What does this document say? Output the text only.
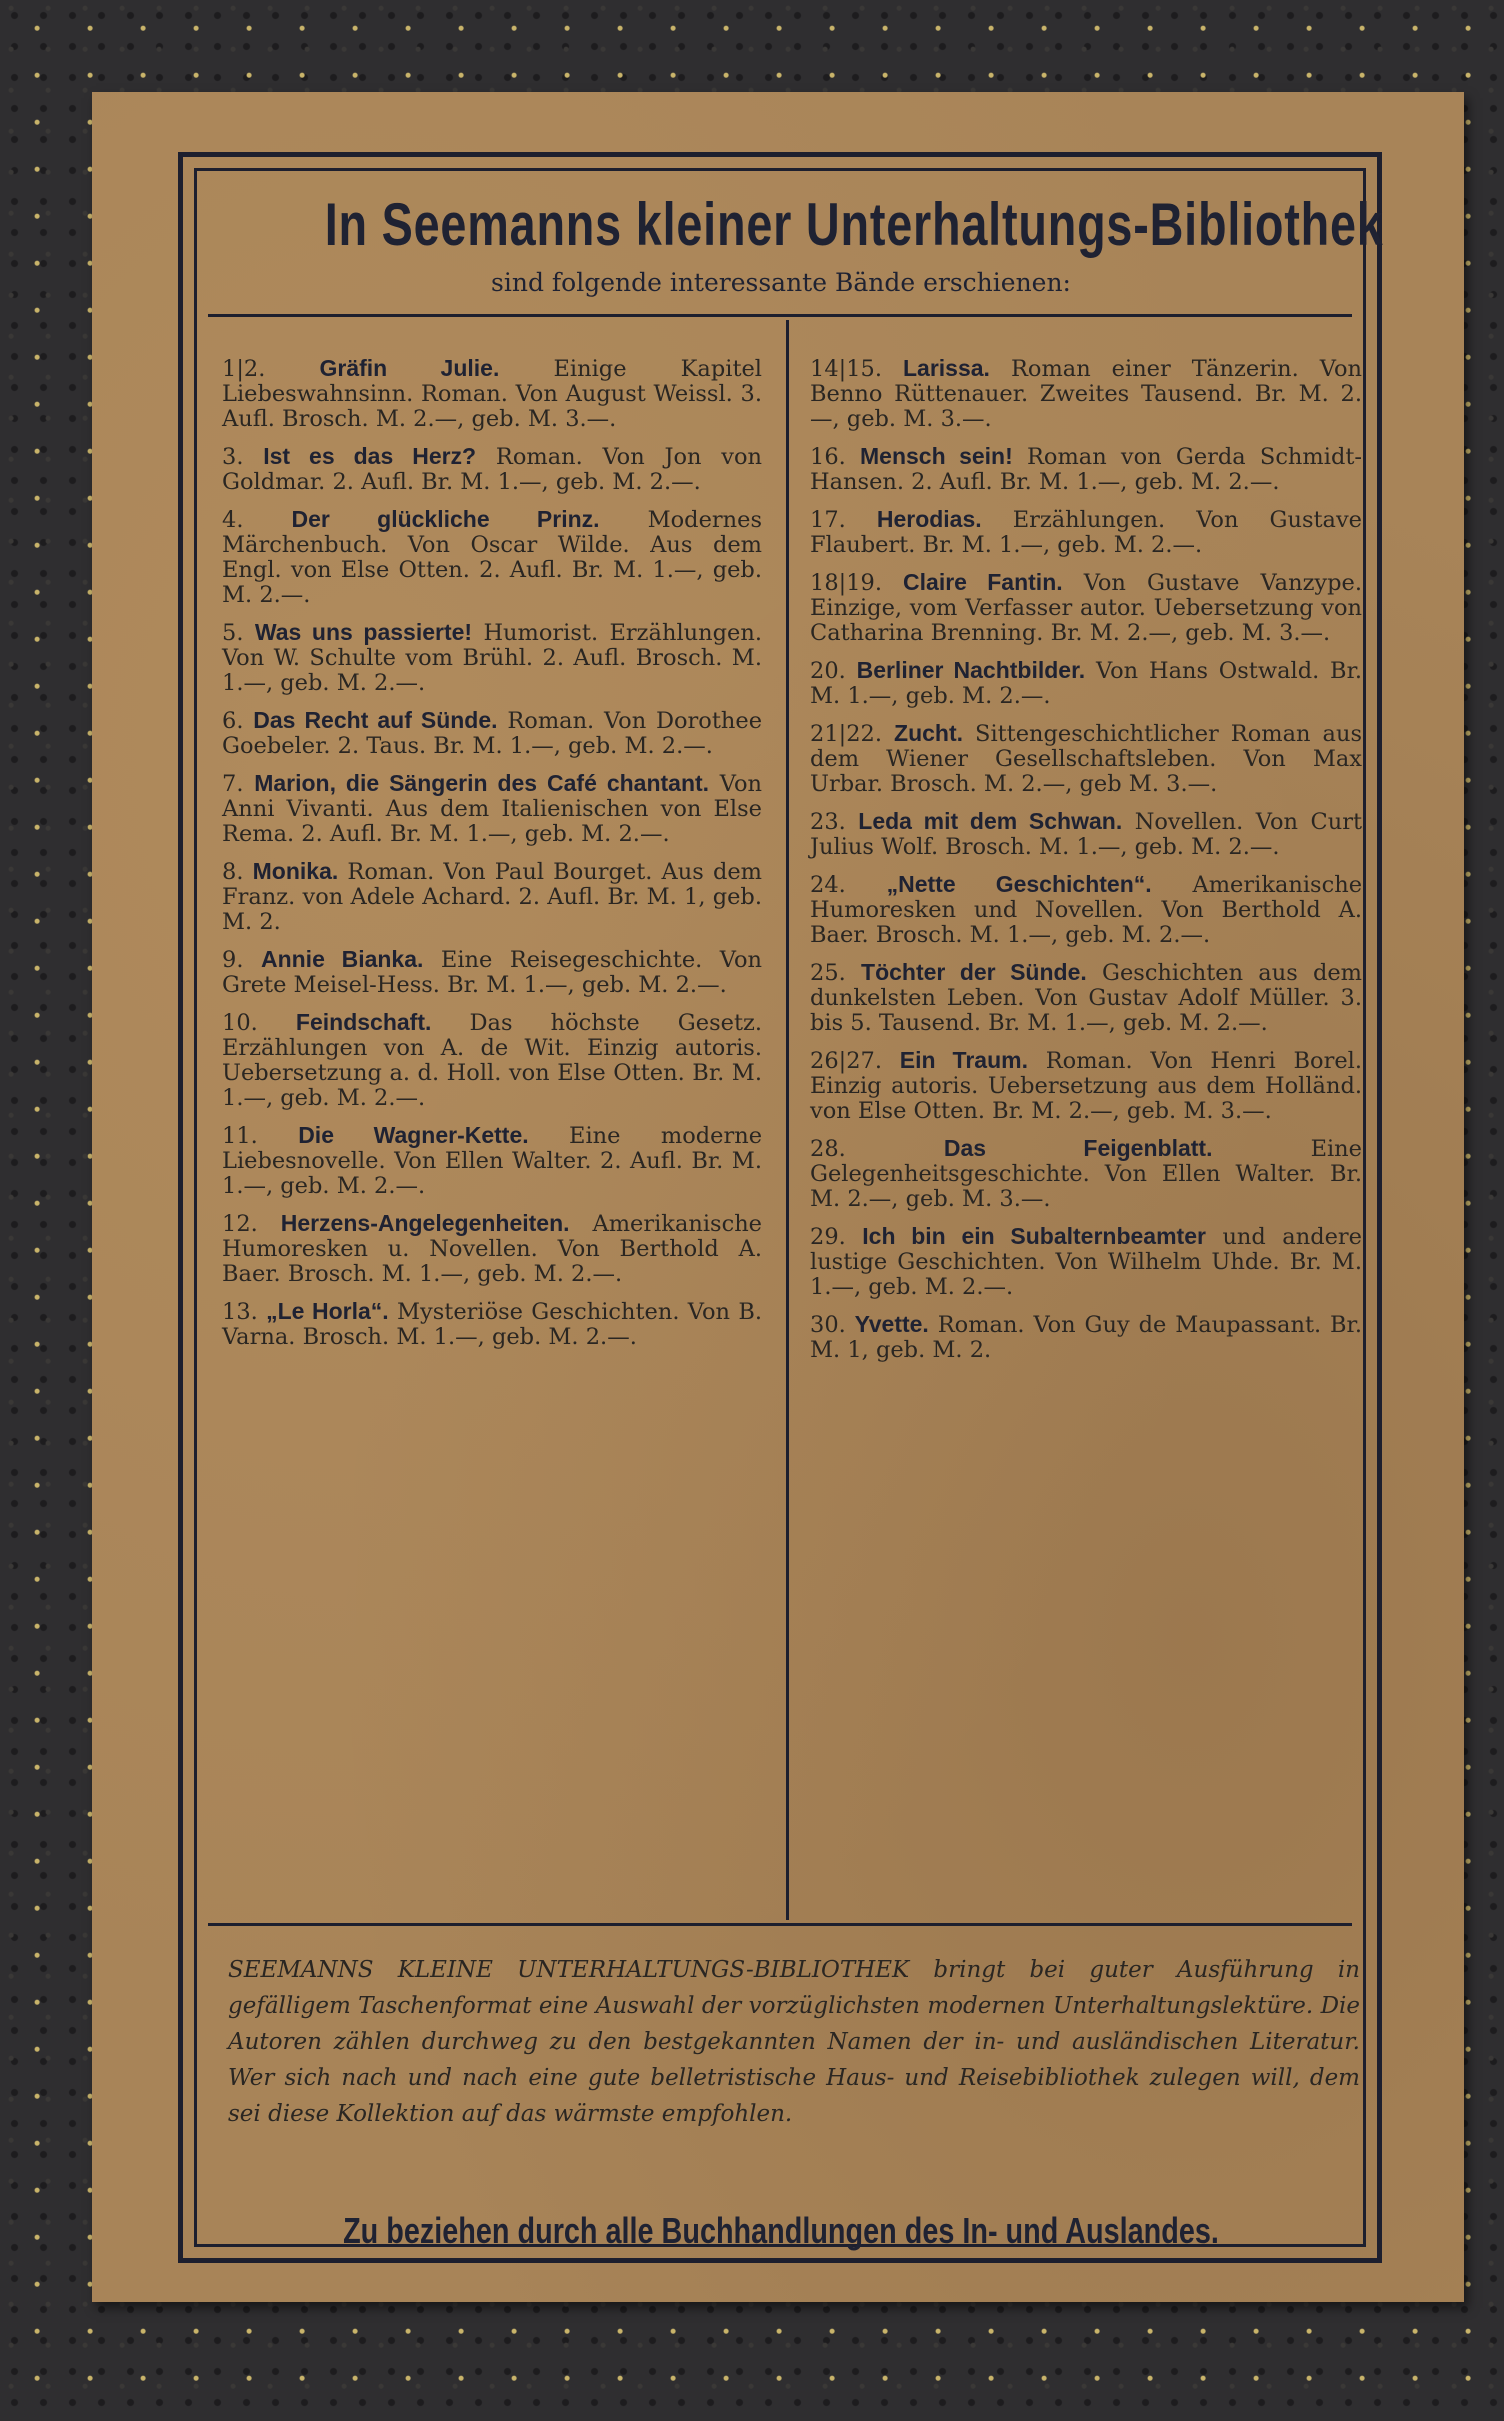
In Seemanns kleiner Unterhaltungs-Bibliothek
sind folgende interessante Bände erschienen:
1|2. Gräfin Julie. Einige Kapitel Liebeswahnsinn. Roman. Von August Weissl. 3. Aufl. Brosch. M. 2.—, geb. M. 3.—.
3. Ist es das Herz? Roman. Von Jon von Goldmar. 2. Aufl. Br. M. 1.—, geb. M. 2.—.
4. Der glückliche Prinz. Modernes Märchenbuch. Von Oscar Wilde. Aus dem Engl. von Else Otten. 2. Aufl. Br. M. 1.—, geb. M. 2.—.
5. Was uns passierte! Humorist. Erzählungen. Von W. Schulte vom Brühl. 2. Aufl. Brosch. M. 1.—, geb. M. 2.—.
6. Das Recht auf Sünde. Roman. Von Dorothee Goebeler. 2. Taus. Br. M. 1.—, geb. M. 2.—.
7. Marion, die Sängerin des Café chantant. Von Anni Vivanti. Aus dem Italienischen von Else Rema. 2. Aufl. Br. M. 1.—, geb. M. 2.—.
8. Monika. Roman. Von Paul Bourget. Aus dem Franz. von Adele Achard. 2. Aufl. Br. M. 1, geb. M. 2.
9. Annie Bianka. Eine Reisegeschichte. Von Grete Meisel-Hess. Br. M. 1.—, geb. M. 2.—.
10. Feindschaft. Das höchste Gesetz. Erzählungen von A. de Wit. Einzig autoris. Uebersetzung a. d. Holl. von Else Otten. Br. M. 1.—, geb. M. 2.—.
11. Die Wagner-Kette. Eine moderne Liebesnovelle. Von Ellen Walter. 2. Aufl. Br. M. 1.—, geb. M. 2.—.
12. Herzens-Angelegenheiten. Amerikanische Humoresken u. Novellen. Von Berthold A. Baer. Brosch. M. 1.—, geb. M. 2.—.
13. „Le Horla“. Mysteriöse Geschichten. Von B. Varna. Brosch. M. 1.—, geb. M. 2.—.
14|15. Larissa. Roman einer Tänzerin. Von Benno Rüttenauer. Zweites Tausend. Br. M. 2.—, geb. M. 3.—.
16. Mensch sein! Roman von Gerda Schmidt-Hansen. 2. Aufl. Br. M. 1.—, geb. M. 2.—.
17. Herodias. Erzählungen. Von Gustave Flaubert. Br. M. 1.—, geb. M. 2.—.
18|19. Claire Fantin. Von Gustave Vanzype. Einzige, vom Verfasser autor. Uebersetzung von Catharina Brenning. Br. M. 2.—, geb. M. 3.—.
20. Berliner Nachtbilder. Von Hans Ostwald. Br. M. 1.—, geb. M. 2.—.
21|22. Zucht. Sittengeschichtlicher Roman aus dem Wiener Gesellschaftsleben. Von Max Urbar. Brosch. M. 2.—, geb M. 3.—.
23. Leda mit dem Schwan. Novellen. Von Curt Julius Wolf. Brosch. M. 1.—, geb. M. 2.—.
24. „Nette Geschichten“. Amerikanische Humoresken und Novellen. Von Berthold A. Baer. Brosch. M. 1.—, geb. M. 2.—.
25. Töchter der Sünde. Geschichten aus dem dunkelsten Leben. Von Gustav Adolf Müller. 3. bis 5. Tausend. Br. M. 1.—, geb. M. 2.—.
26|27. Ein Traum. Roman. Von Henri Borel. Einzig autoris. Uebersetzung aus dem Holländ. von Else Otten. Br. M. 2.—, geb. M. 3.—.
28.	Das Feigenblatt.	Eine Gelegenheitsgeschichte. Von Ellen Walter. Br. M. 2.—, geb. M. 3.—.
29. Ich bin ein Subalternbeamter und andere lustige Geschichten. Von Wilhelm Uhde. Br. M. 1.—, geb. M. 2.—.
30. Yvette. Roman. Von Guy de Maupassant. Br. M. 1, geb. M. 2.
SEEMANNS KLEINE UNTERHALTUNGS-BIBLIOTHEK bringt bei guter Ausführung in gefälligem Taschenformat eine Auswahl der vorzüglichsten modernen Unterhaltungslektüre. Die Autoren zählen durchweg zu den bestgekannten Namen der in- und ausländischen Literatur. Wer sich nach und nach eine gute belletristische Haus- und Reisebibliothek zulegen will, dem sei diese Kollektion auf das wärmste empfohlen.
Zu beziehen durch alle Buchhandlungen des In- und Auslandes.
